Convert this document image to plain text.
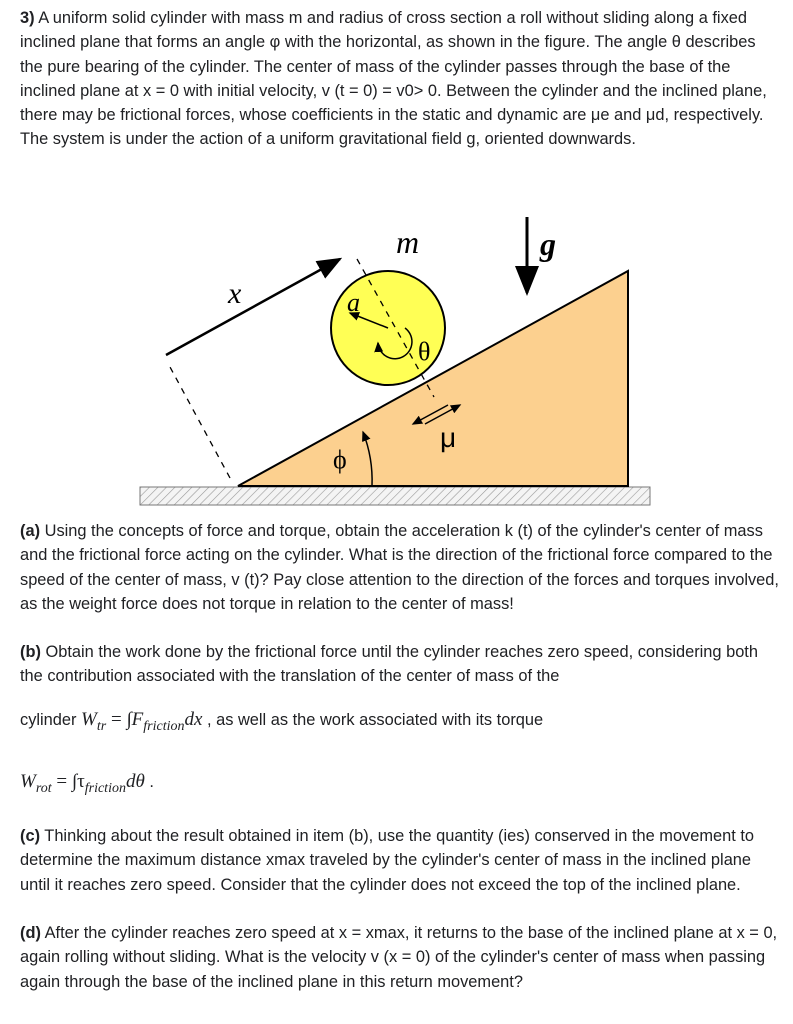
3) A uniform solid cylinder with mass m and radius of cross section a roll without sliding along a fixed inclined plane that forms an angle φ with the horizontal, as shown in the figure. The angle θ describes the pure bearing of the cylinder. The center of mass of the cylinder passes through the base of the inclined plane at x = 0 with initial velocity, v (t = 0) = v0> 0. Between the cylinder and the inclined plane, there may be frictional forces, whose coefficients in the static and dynamic are μe and μd, respectively. The system is under the action of a uniform gravitational field g, oriented downwards.

ϕ
x	a
θ
m	g
μ

(a) Using the concepts of force and torque, obtain the acceleration k (t) of the cylinder's center of mass and the frictional force acting on the cylinder. What is the direction of the frictional force compared to the speed of the center of mass, v (t)? Pay close attention to the direction of the forces and torques involved, as the weight force does not torque in relation to the center of mass!

(b) Obtain the work done by the frictional force until the cylinder reaches zero speed, considering both the contribution associated with the translation of the center of mass of the

cylinder Wtr = ∫Ffrictiondx , as well as the work associated with its torque

Wrot = ∫τfrictiondθ .

(c) Thinking about the result obtained in item (b), use the quantity (ies) conserved in the movement to determine the maximum distance xmax traveled by the cylinder's center of mass in the inclined plane until it reaches zero speed. Consider that the cylinder does not exceed the top of the inclined plane.

(d) After the cylinder reaches zero speed at x = xmax, it returns to the base of the inclined plane at x = 0, again rolling without sliding. What is the velocity v (x = 0) of the cylinder's center of mass when passing again through the base of the inclined plane in this return movement?
